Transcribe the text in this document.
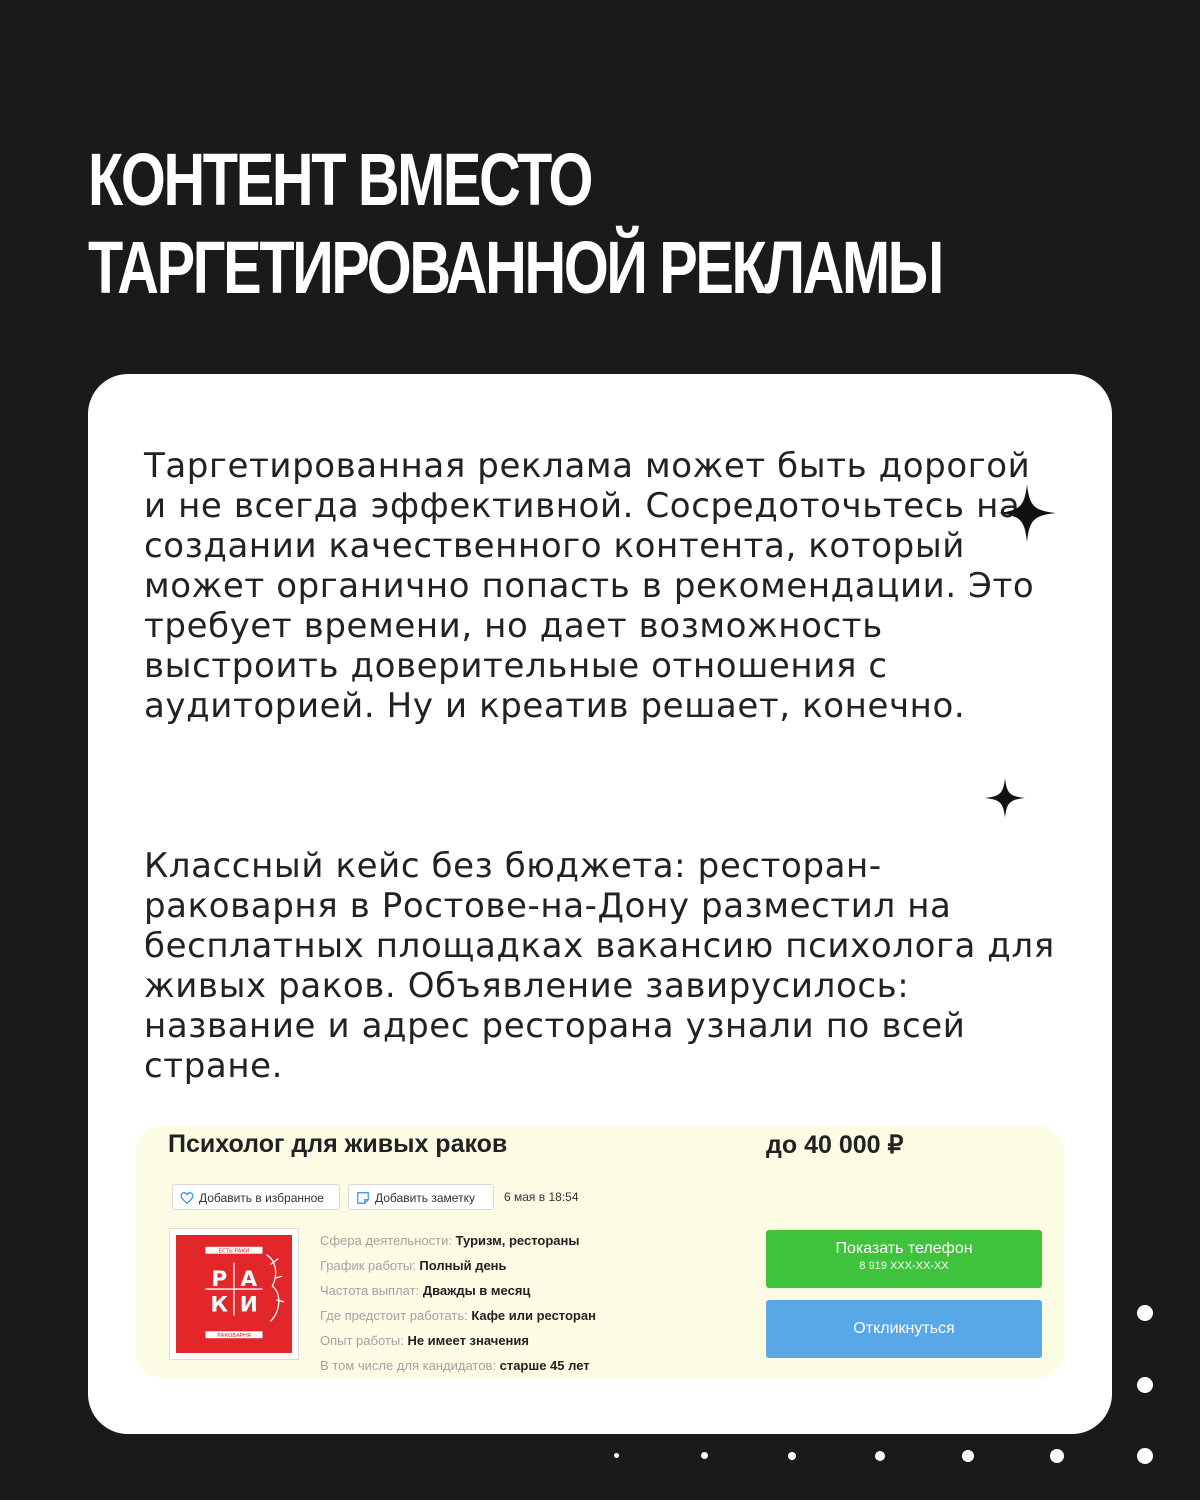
КОНТЕНТ ВМЕСТО
ТАРГЕТИРОВАННОЙ РЕКЛАМЫ

Таргетированная реклама может быть дорогой и не всегда эффективной. Сосредоточьтесь на создании качественного контента, который может органично попасть в рекомендации. Это требует времени, но дает возможность выстроить доверительные отношения с аудиторией. Ну и креатив решает, конечно.

Классный кейс без бюджета: ресторан-раковарня в Ростове-на-Дону разместил на бесплатных площадках вакансию психолога для живых раков. Объявление завирусилось: название и адрес ресторана узнали по всей стране.

Психолог для живых раков	до 40 000 ₽
Добавить в избранное	Добавить заметку	6 мая в 18:54
ЕСТЬ РАКИ
Р А
К И
РАКОВАРНЯ
Сфера деятельности: Туризм, рестораны
График работы: Полный день
Частота выплат: Дважды в месяц
Где предстоит работать: Кафе или ресторан
Опыт работы: Не имеет значения
В том числе для кандидатов: старше 45 лет
Показать телефон
8 919 XXX-XX-XX
Откликнуться
